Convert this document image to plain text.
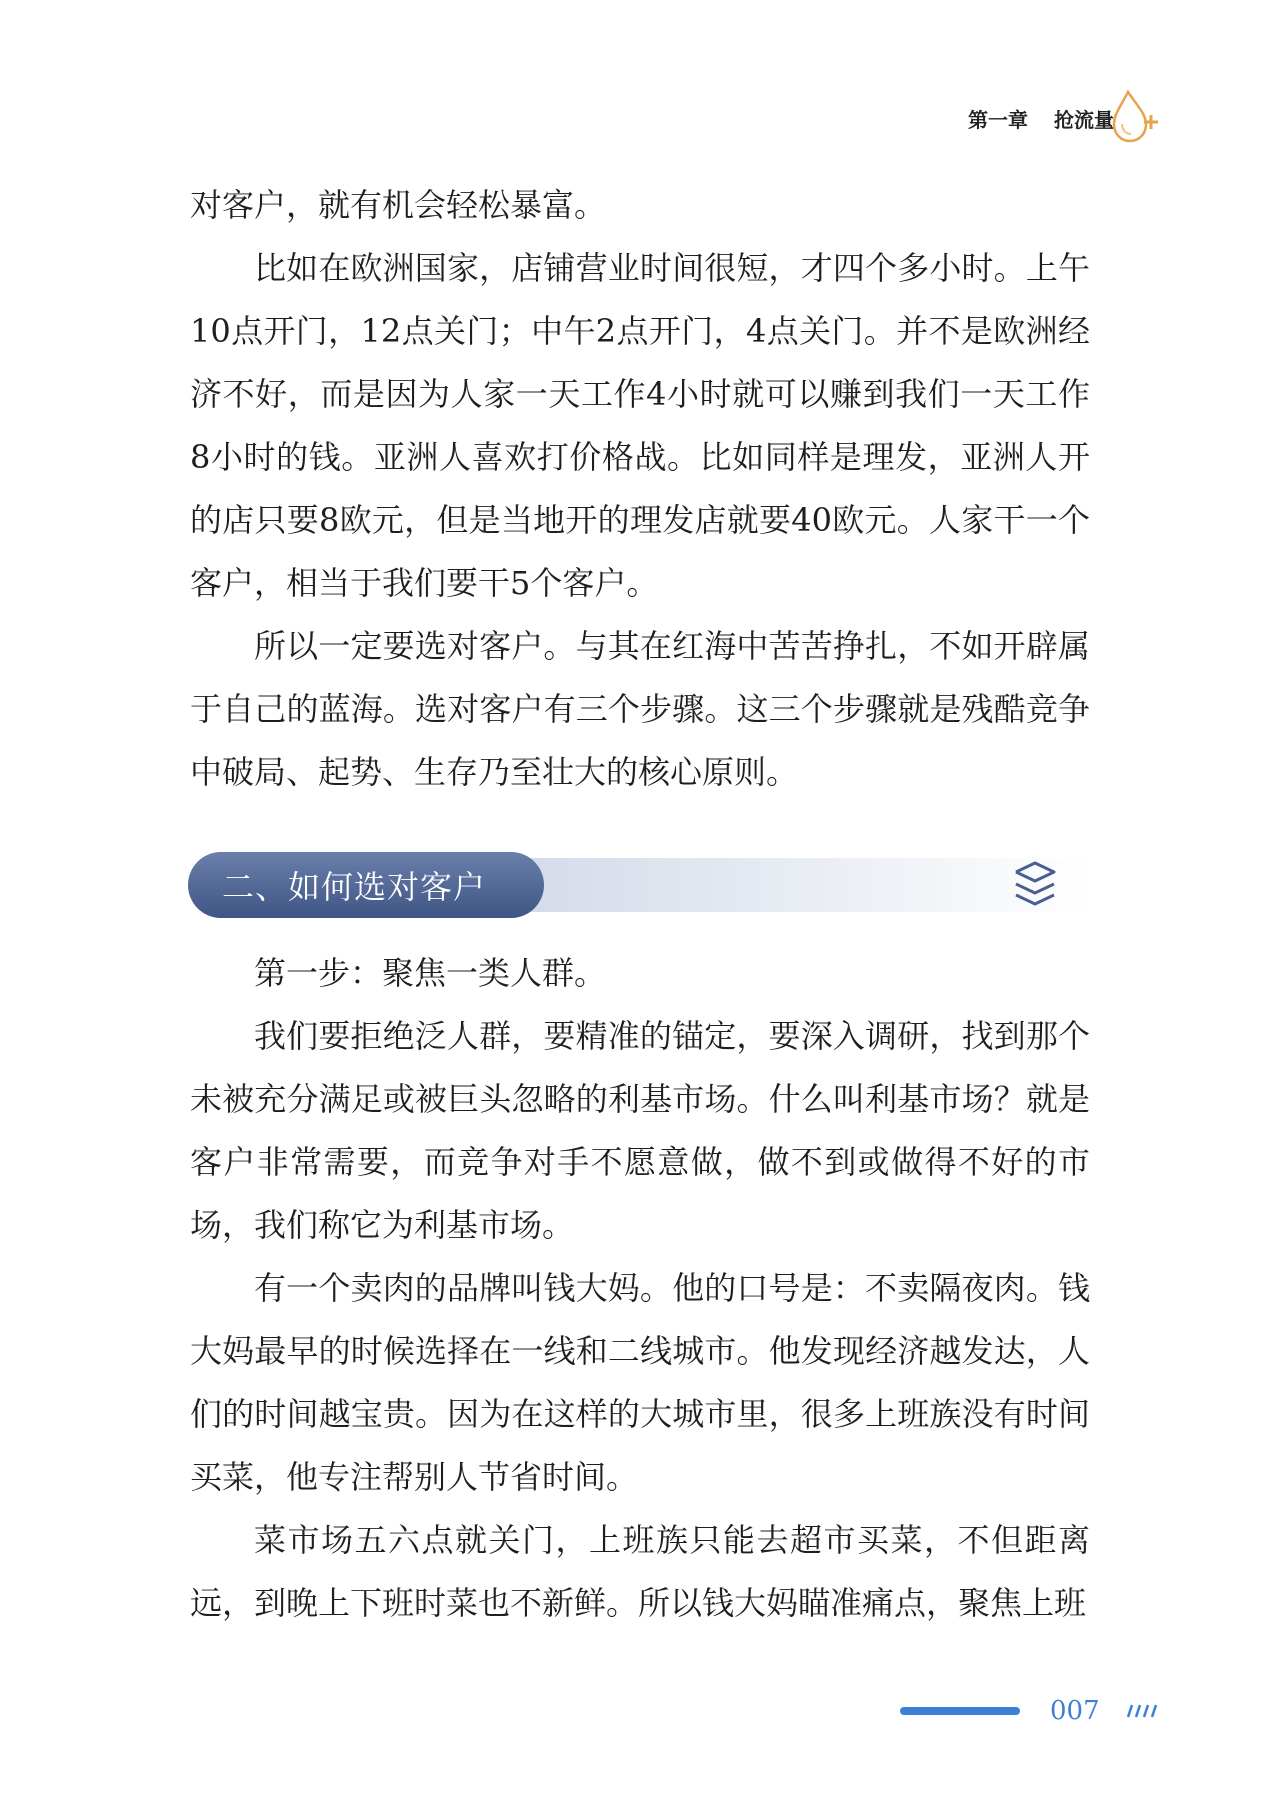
第一章 抢流量

对客户，就有机会轻松暴富。

比如在欧洲国家，店铺营业时间很短，才四个多小时。上午10点开门，12点关门；中午2点开门，4点关门。并不是欧洲经济不好，而是因为人家一天工作4小时就可以赚到我们一天工作8小时的钱。亚洲人喜欢打价格战。比如同样是理发，亚洲人开的店只要8欧元，但是当地开的理发店就要40欧元。人家干一个客户，相当于我们要干5个客户。

所以一定要选对客户。与其在红海中苦苦挣扎，不如开辟属于自己的蓝海。选对客户有三个步骤。这三个步骤就是残酷竞争中破局、起势、生存乃至壮大的核心原则。

二、如何选对客户

第一步：聚焦一类人群。

我们要拒绝泛人群，要精准的锚定，要深入调研，找到那个未被充分满足或被巨头忽略的利基市场。什么叫利基市场？就是客户非常需要，而竞争对手不愿意做，做不到或做得不好的市场，我们称它为利基市场。

有一个卖肉的品牌叫钱大妈。他的口号是：不卖隔夜肉。钱大妈最早的时候选择在一线和二线城市。他发现经济越发达，人们的时间越宝贵。因为在这样的大城市里，很多上班族没有时间买菜，他专注帮别人节省时间。

菜市场五六点就关门，上班族只能去超市买菜，不但距离远，到晚上下班时菜也不新鲜。所以钱大妈瞄准痛点，聚焦上班

007
